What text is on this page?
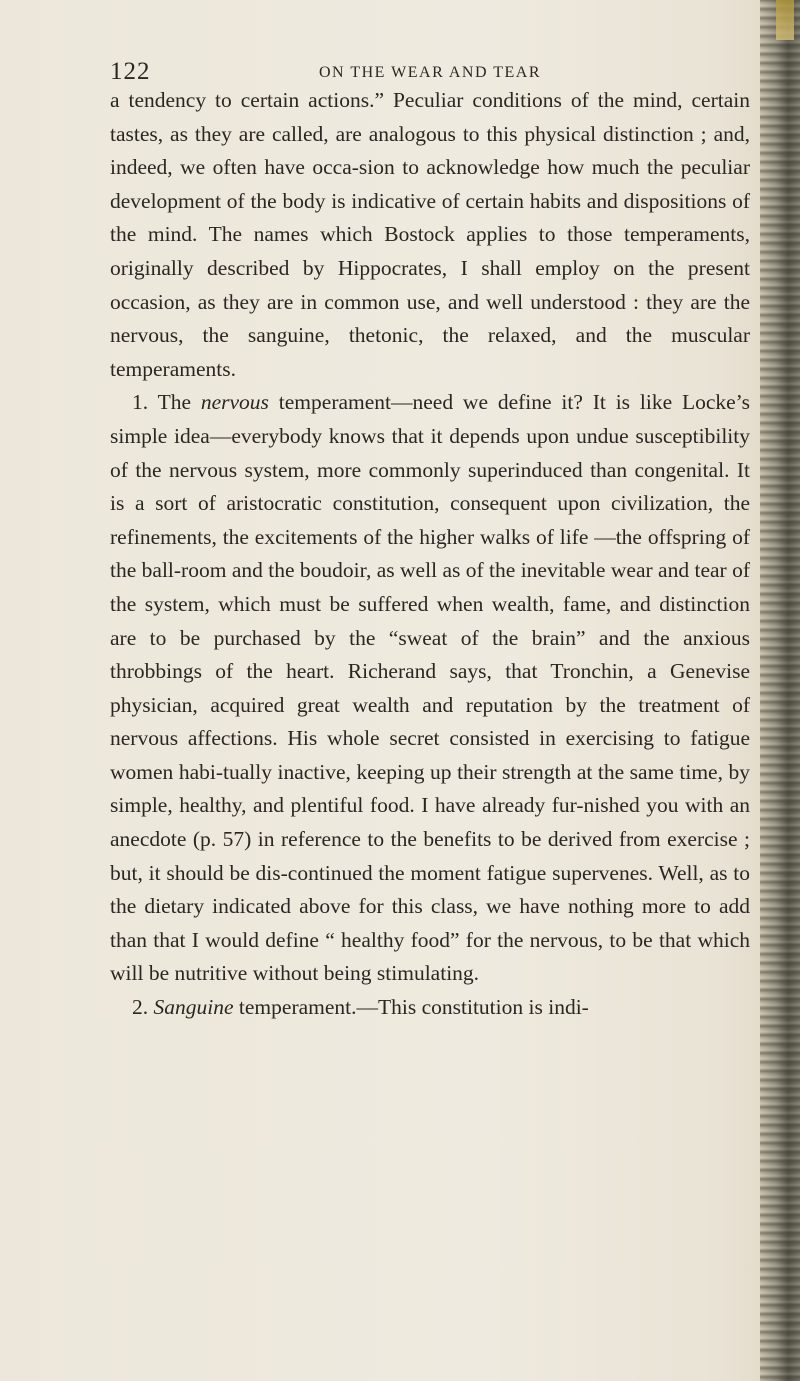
122	ON THE WEAR AND TEAR

a tendency to certain actions.” Peculiar conditions of the mind, certain tastes, as they are called, are analogous to this physical distinction ; and, indeed, we often have occa-sion to acknowledge how much the peculiar development of the body is indicative of certain habits and dispositions of the mind. The names which Bostock applies to those temperaments, originally described by Hippocrates, I shall employ on the present occasion, as they are in common use, and well understood : they are the nervous, the sanguine, thetonic, the relaxed, and the muscular temperaments.

1. The nervous temperament—need we define it? It is like Locke’s simple idea—everybody knows that it depends upon undue susceptibility of the nervous system, more commonly superinduced than congenital. It is a sort of aristocratic constitution, consequent upon civilization, the refinements, the excitements of the higher walks of life —the offspring of the ball-room and the boudoir, as well as of the inevitable wear and tear of the system, which must be suffered when wealth, fame, and distinction are to be purchased by the “sweat of the brain” and the anxious throbbings of the heart. Richerand says, that Tronchin, a Genevise physician, acquired great wealth and reputation by the treatment of nervous affections. His whole secret consisted in exercising to fatigue women habi-tually inactive, keeping up their strength at the same time, by simple, healthy, and plentiful food. I have already fur-nished you with an anecdote (p. 57) in reference to the benefits to be derived from exercise ; but, it should be dis-continued the moment fatigue supervenes. Well, as to the dietary indicated above for this class, we have nothing more to add than that I would define “ healthy food” for the nervous, to be that which will be nutritive without being stimulating.

2. Sanguine temperament.—This constitution is indi-
